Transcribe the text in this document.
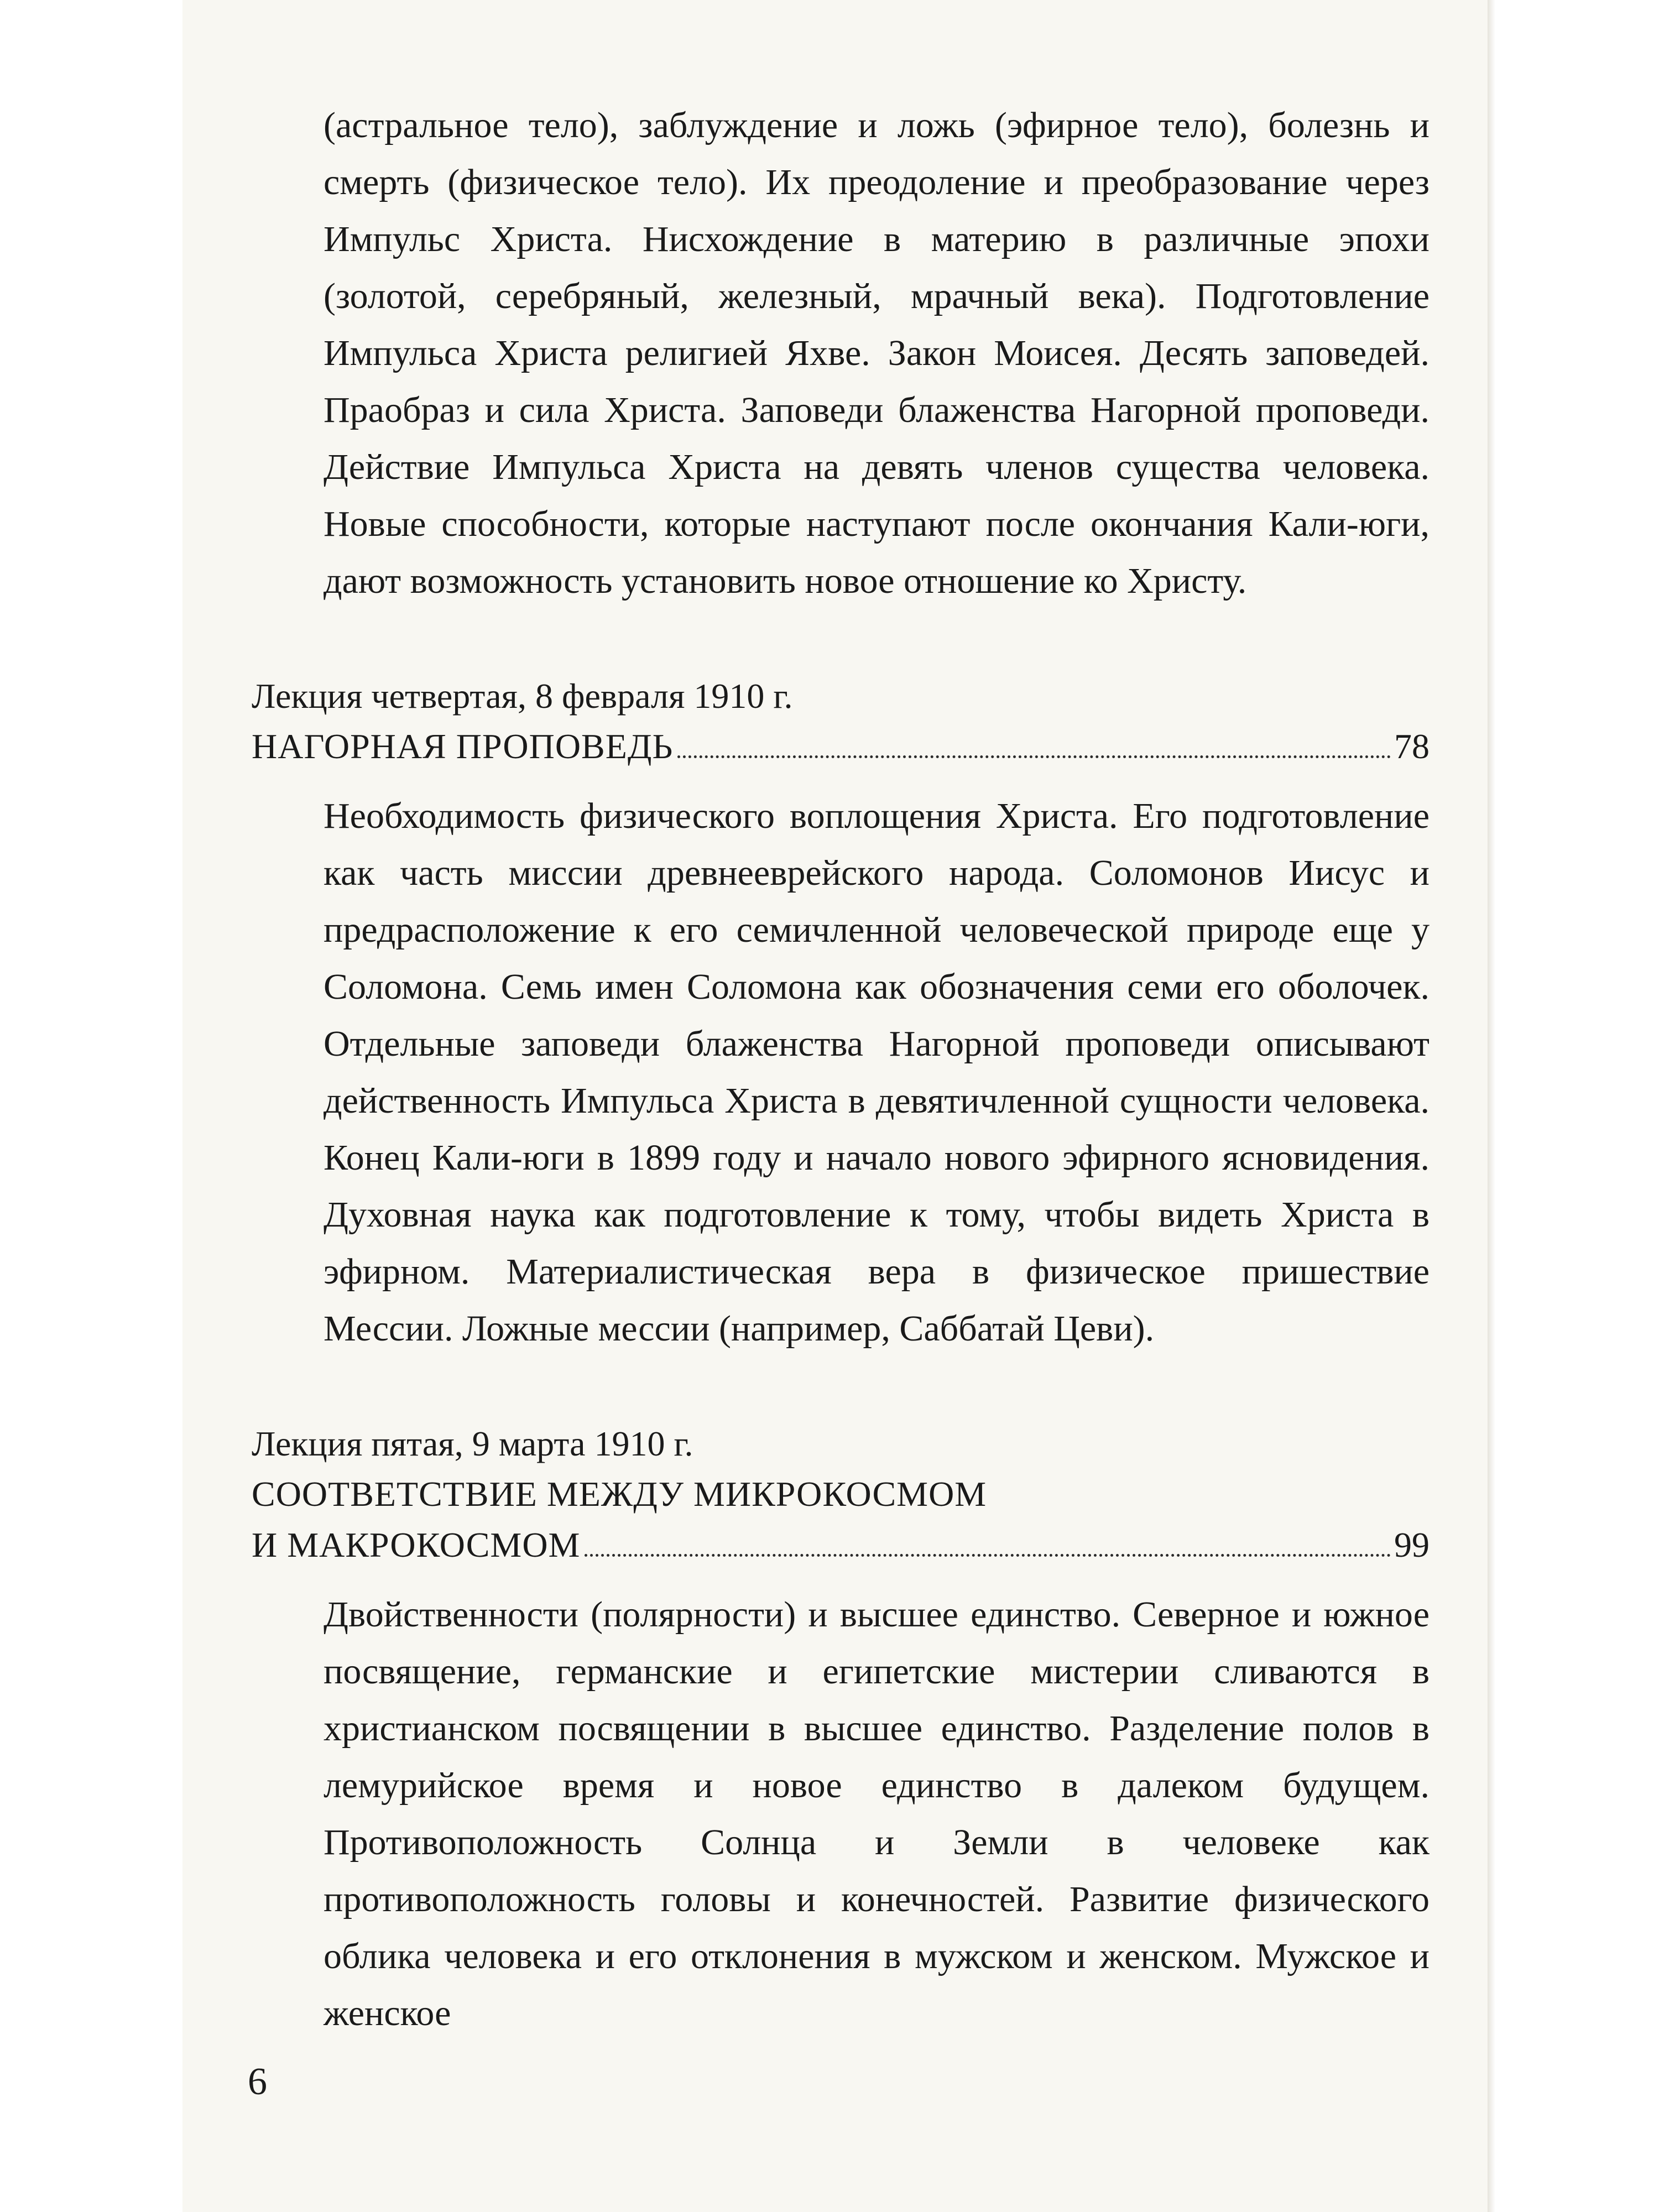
(астральное тело), заблуждение и ложь (эфирное тело), болезнь и смерть (физическое тело). Их преодоление и преобразование через Импульс Христа. Нисхождение в материю в различные эпохи (золотой, серебряный, железный, мрачный века). Подготовление Импульса Христа религией Яхве. Закон Моисея. Десять заповедей. Праобраз и сила Христа. Заповеди блаженства Нагорной проповеди. Действие Импульса Христа на девять членов существа человека. Новые способности, которые наступают после окончания Кали-юги, дают возможность установить новое отношение ко Христу.

Лекция четвертая, 8 февраля 1910 г.

НАГОРНАЯ ПРОПОВЕДЬ	78

Необходимость физического воплощения Христа. Его подготовление как часть миссии древнееврейского народа. Соломонов Иисус и предрасположение к его семичленной человеческой природе еще у Соломона. Семь имен Соломона как обозначения семи его оболочек. Отдельные заповеди блаженства Нагорной проповеди описывают действенность Импульса Христа в девятичленной сущности человека. Конец Кали-юги в 1899 году и начало нового эфирного ясновидения. Духовная наука как подготовление к тому, чтобы видеть Христа в эфирном. Материалистическая вера в физическое пришествие Мессии. Ложные мессии (например, Саббатай Цеви).

Лекция пятая, 9 марта 1910 г.

СООТВЕТСТВИЕ МЕЖДУ МИКРОКОСМОМ

И МАКРОКОСМОМ	99

Двойственности (полярности) и высшее единство. Северное и южное посвящение, германские и египетские мистерии сливаются в христианском посвящении в высшее единство. Разделение полов в лемурийское время и новое единство в далеком будущем. Противоположность Солнца и Земли в человеке как противоположность головы и конечностей. Развитие физического облика человека и его отклонения в мужском и женском. Мужское и женское

6
